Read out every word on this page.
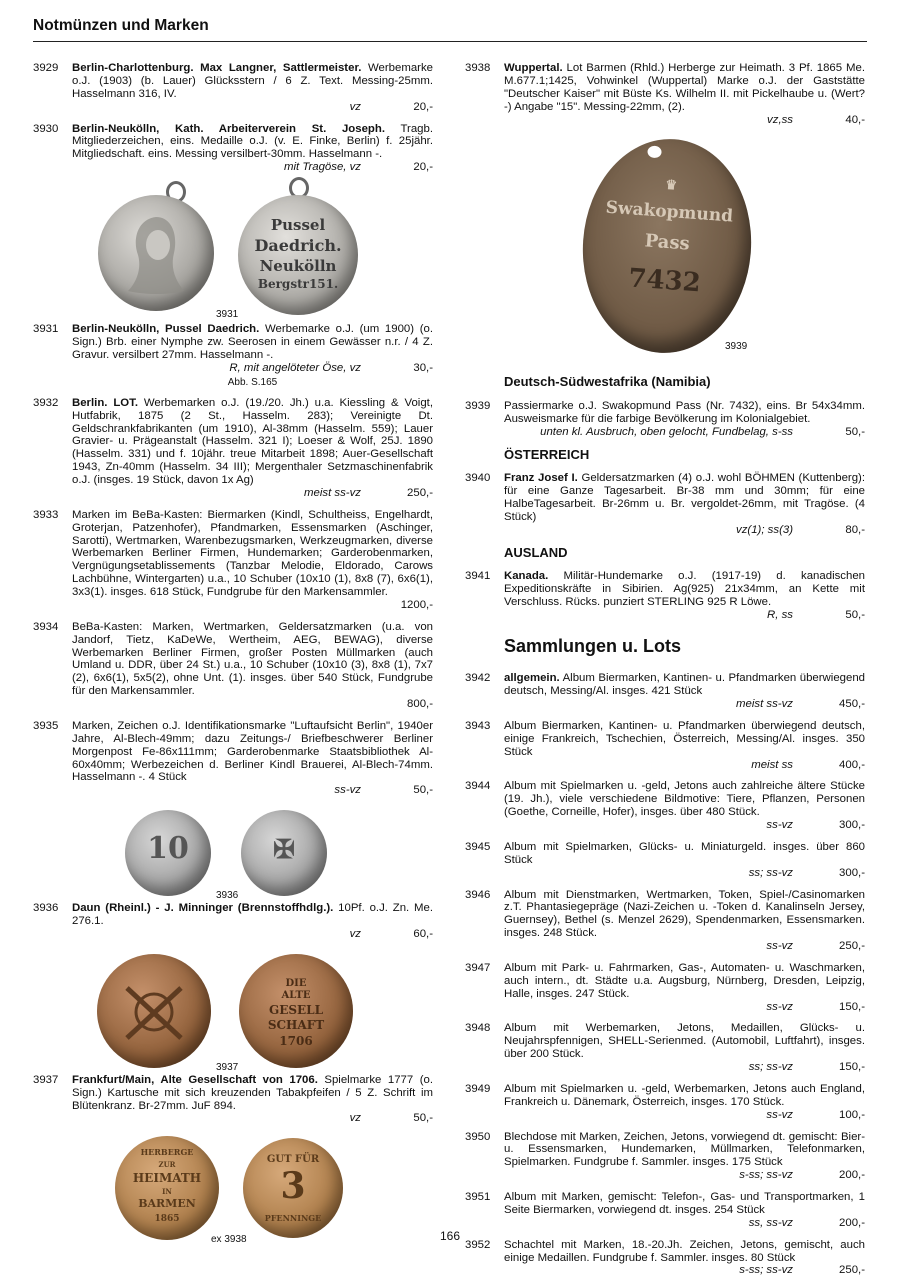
Notmünzen und Marken
3929 Berlin-Charlottenburg. Max Langner, Sattlermeister. Werbemarke o.J. (1903) (b. Lauer) Glücksstern / 6 Z. Text. Messing-25mm. Hasselmann 316, IV.
vz	20,-
3930 Berlin-Neukölln, Kath. Arbeiterverein St. Joseph. Tragb. Mitgliederzeichen, eins. Medaille o.J. (v. E. Finke, Berlin) f. 25jähr. Mitgliedschaft. eins. Messing versilbert-30mm. Hasselmann -.
mit Tragöse, vz	20,-
Pussel
Daedrich.
Neukölln
Bergstr151.
3931
3931 Berlin-Neukölln, Pussel Daedrich. Werbemarke o.J. (um 1900) (o. Sign.) Brb. einer Nymphe zw. Seerosen in einem Gewässer n.r. / 4 Z. Gravur. versilbert 27mm. Hasselmann -.
R, mit angelöteter Öse, vz	30,-
Abb. S.165
3932 Berlin. LOT. Werbemarken o.J. (19./20. Jh.) u.a. Kiessling & Voigt, Hutfabrik, 1875 (2 St., Hasselm. 283); Vereinigte Dt. Geldschrankfabrikanten (um 1910), Al-38mm (Hasselm. 559); Lauer Gravier- u. Prägeanstalt (Hasselm. 321 I); Loeser & Wolf, 25J. 1890 (Hasselm. 331) und f. 10jähr. treue Mitarbeit 1898; Auer-Gesellschaft 1943, Zn-40mm (Hasselm. 34 III); Mergenthaler Setzmaschinenfabrik o.J. (insges. 19 Stück, davon 1x Ag)
meist ss-vz	250,-
3933 Marken im BeBa-Kasten: Biermarken (Kindl, Schultheiss, Engelhardt, Groterjan, Patzenhofer), Pfandmarken, Essensmarken (Aschinger, Sarotti), Wertmarken, Warenbezugsmarken, Werkzeugmarken, diverse Werbemarken Berliner Firmen, Hundemarken; Garderobenmarken, Vergnügungsetablissements (Tanzbar Melodie, Eldorado, Carows Lachbühne, Wintergarten) u.a., 10 Schuber (10x10 (1), 8x8 (7), 6x6(1), 3x3(1). insges. 618 Stück, Fundgrube für den Markensammler.
1200,-
3934 BeBa-Kasten: Marken, Wertmarken, Geldersatzmarken (u.a. von Jandorf, Tietz, KaDeWe, Wertheim, AEG, BEWAG), diverse Werbemarken Berliner Firmen, großer Posten Müllmarken (auch Umland u. DDR, über 24 St.) u.a., 10 Schuber (10x10 (3), 8x8 (1), 7x7 (2), 6x6(1), 5x5(2), ohne Unt. (1). insges. über 540 Stück, Fundgrube für den Markensammler.
800,-
3935 Marken, Zeichen o.J. Identifikationsmarke "Luftaufsicht Berlin", 1940er Jahre, Al-Blech-49mm; dazu Zeitungs-/ Briefbeschwerer Berliner Morgenpost Fe-86x111mm; Garderobenmarke Staatsbibliothek Al-60x40mm; Werbezeichen d. Berliner Kindl Brauerei, Al-Blech-74mm. Hasselmann -. 4 Stück
ss-vz	50,-
10	✠
3936
3936 Daun (Rheinl.) - J. Minninger (Brennstoffhdlg.). 10Pf. o.J. Zn. Me. 276.1.
vz	60,-
DIE
ALTE
GESELL
SCHAFT
1706
3937
3937 Frankfurt/Main, Alte Gesellschaft von 1706. Spielmarke 1777 (o. Sign.) Kartusche mit sich kreuzenden Tabakpfeifen / 5 Z. Schrift im Blütenkranz. Br-27mm. JuF 894.
vz	50,-
HERBERGE
ZUR
HEIMATH
IN
BARMEN
1865
GUT FÜR
3
PFENNINGE
ex 3938
3938 Wuppertal. Lot Barmen (Rhld.) Herberge zur Heimath. 3 Pf. 1865 Me. M.677.1;1425, Vohwinkel (Wuppertal) Marke o.J. der Gaststätte "Deutscher Kaiser" mit Büste Ks. Wilhelm II. mit Pickelhaube u. (Wert?-) Angabe "15". Messing-22mm, (2).
vz,ss	40,-
♛
Swakopmund
Pass
7432
3939
Deutsch-Südwestafrika (Namibia)
3939 Passiermarke o.J. Swakopmund Pass (Nr. 7432), eins. Br 54x34mm. Ausweismarke für die farbige Bevölkerung im Kolonialgebiet.
unten kl. Ausbruch, oben gelocht, Fundbelag, s-ss	50,-
ÖSTERREICH
3940 Franz Josef I. Geldersatzmarken (4) o.J. wohl BÖHMEN (Kuttenberg): für eine Ganze Tagesarbeit. Br-38 mm und 30mm; für eine HalbeTagesarbeit. Br-26mm u. Br. vergoldet-26mm, mit Tragöse. (4 Stück)
vz(1); ss(3)	80,-
AUSLAND
3941 Kanada. Militär-Hundemarke o.J. (1917-19) d. kanadischen Expeditionskräfte in Sibirien. Ag(925) 21x34mm, an Kette mit Verschluss. Rücks. punziert STERLING 925 R Löwe.
R, ss	50,-
Sammlungen u. Lots
3942 allgemein. Album Biermarken, Kantinen- u. Pfandmarken überwiegend deutsch, Messing/Al. insges. 421 Stück
meist ss-vz	450,-
3943 Album Biermarken, Kantinen- u. Pfandmarken überwiegend deutsch, einige Frankreich, Tschechien, Österreich, Messing/Al. insges. 350 Stück
meist ss	400,-
3944 Album mit Spielmarken u. -geld, Jetons auch zahlreiche ältere Stücke (19. Jh.), viele verschiedene Bildmotive: Tiere, Pflanzen, Personen (Goethe, Corneille, Hofer), insges. über 480 Stück.
ss-vz	300,-
3945 Album mit Spielmarken, Glücks- u. Miniaturgeld. insges. über 860 Stück
ss; ss-vz	300,-
3946 Album mit Dienstmarken, Wertmarken, Token, Spiel-/Casinomarken z.T. Phantasiegepräge (Nazi-Zeichen u. -Token d. Kanalinseln Jersey, Guernsey), Bethel (s. Menzel 2629), Spendenmarken, Essensmarken. insges. 248 Stück.
ss-vz	250,-
3947 Album mit Park- u. Fahrmarken, Gas-, Automaten- u. Waschmarken, auch intern., dt. Städte u.a. Augsburg, Nürnberg, Dresden, Leipzig, Halle, insges. 247 Stück.
ss-vz	150,-
3948 Album mit Werbemarken, Jetons, Medaillen, Glücks- u. Neujahrspfennigen, SHELL-Serienmed. (Automobil, Luftfahrt), insges. über 200 Stück.
ss; ss-vz	150,-
3949 Album mit Spielmarken u. -geld, Werbemarken, Jetons auch England, Frankreich u. Dänemark, Österreich, insges. 170 Stück.
ss-vz	100,-
3950 Blechdose mit Marken, Zeichen, Jetons, vorwiegend dt. gemischt: Bier- u. Essensmarken, Hundemarken, Müllmarken, Telefonmarken, Spielmarken. Fundgrube f. Sammler. insges. 175 Stück
s-ss; ss-vz	200,-
3951 Album mit Marken, gemischt: Telefon-, Gas- und Transportmarken, 1 Seite Biermarken, vorwiegend dt. insges. 254 Stück
ss, ss-vz	200,-
3952 Schachtel mit Marken, 18.-20.Jh. Zeichen, Jetons, gemischt, auch einige Medaillen. Fundgrube f. Sammler. insges. 80 Stück
s-ss; ss-vz	250,-
166
